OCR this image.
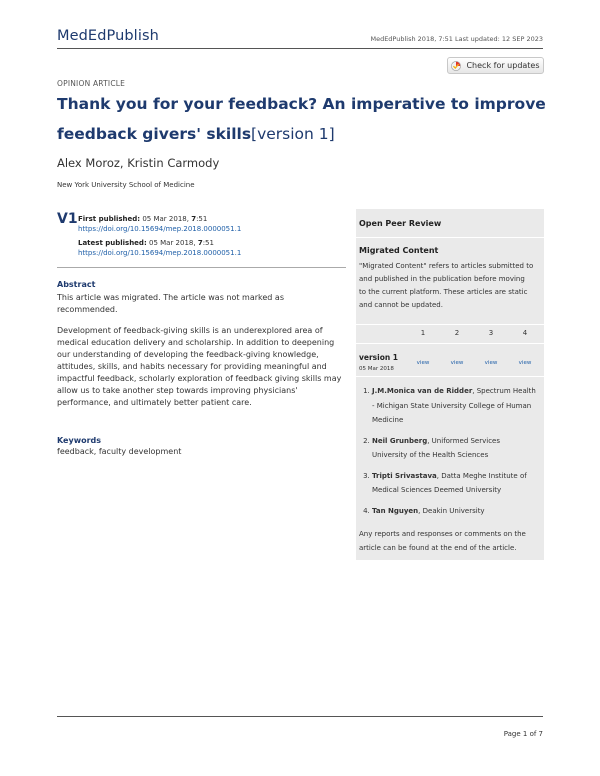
MedEdPublish	MedEdPublish 2018, 7:51 Last updated: 12 SEP 2023
Check for updates
OPINION ARTICLE
Thank you for your feedback? An imperative to improve
feedback givers' skills[version 1]
Alex Moroz, Kristin Carmody
New York University School of Medicine
V1 First published: 05 Mar 2018, 7:51
https://doi.org/10.15694/mep.2018.0000051.1
Latest published: 05 Mar 2018, 7:51
https://doi.org/10.15694/mep.2018.0000051.1
Abstract
This article was migrated. The article was not marked as
recommended.
Development of feedback-giving skills is an underexplored area of
medical education delivery and scholarship. In addition to deepening
our understanding of developing the feedback-giving knowledge,
attitudes, skills, and habits necessary for providing meaningful and
impactful feedback, scholarly exploration of feedback giving skills may
allow us to take another step towards improving physicians'
performance, and ultimately better patient care.
Keywords
feedback, faculty development
Open Peer Review
Migrated Content
"Migrated Content" refers to articles submitted to
and published in the publication before moving
to the current platform. These articles are static
and cannot be updated.
1	2	3	4
version 1
05 Mar 2018
view	view	view	view
1. J.M.Monica van de Ridder, Spectrum Health
- Michigan State University College of Human
Medicine
2. Neil Grunberg, Uniformed Services
University of the Health Sciences
3. Tripti Srivastava, Datta Meghe Institute of
Medical Sciences Deemed University
4. Tan Nguyen, Deakin University
Any reports and responses or comments on the
article can be found at the end of the article.
Page 1 of 7
